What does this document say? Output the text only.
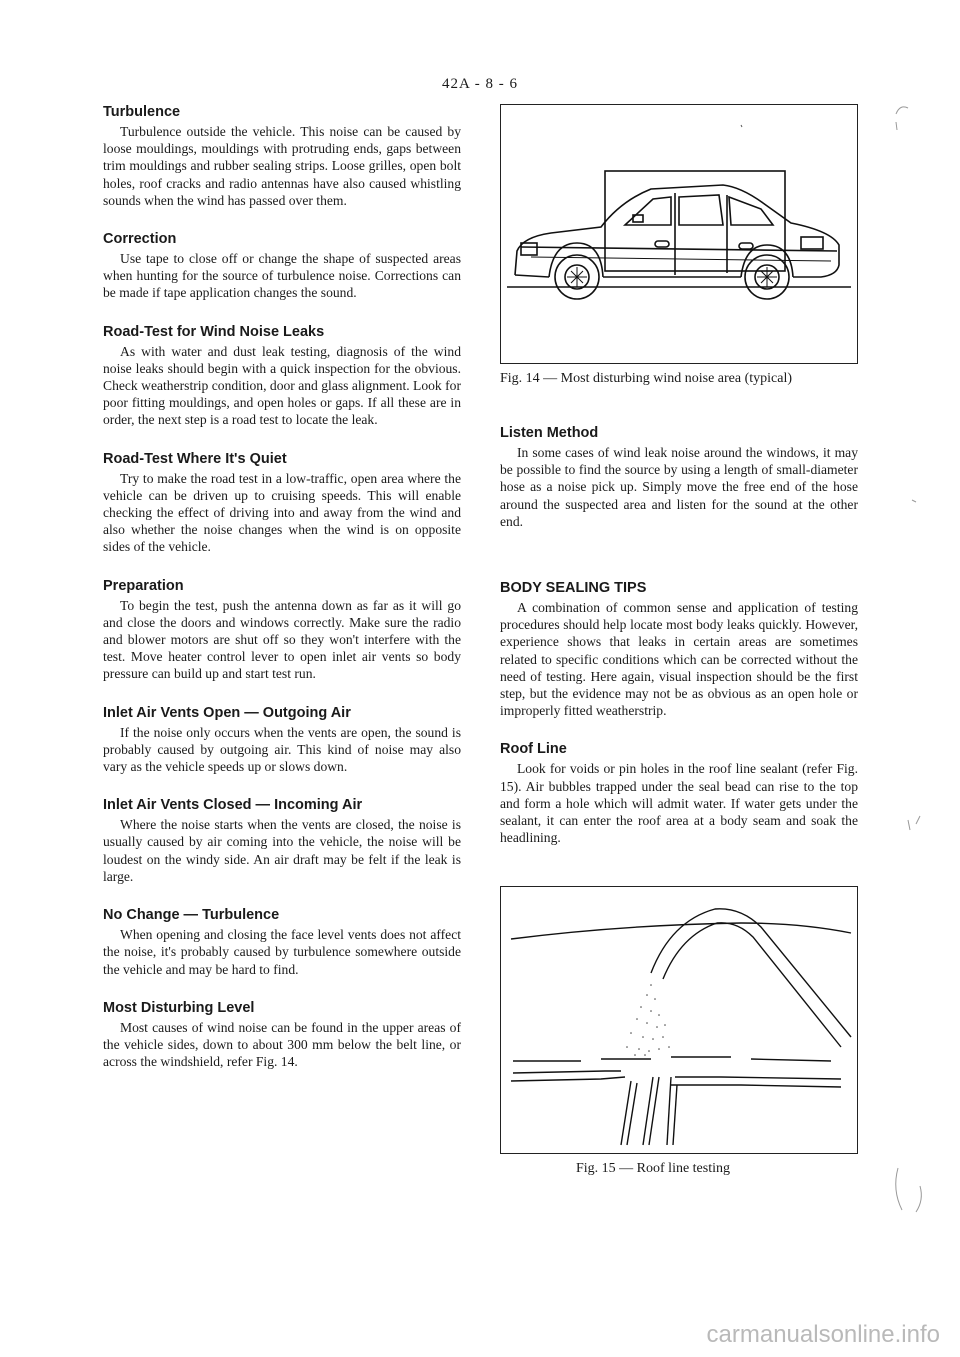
42A - 8 - 6
Turbulence

Turbulence outside the vehicle. This noise can be caused by loose mouldings, mouldings with protruding ends, gaps between trim mouldings and rubber sealing strips. Loose grilles, open bolt holes, roof cracks and radio antennas have also caused whistling sounds when the wind has passed over them.

Correction

Use tape to close off or change the shape of suspected areas when hunting for the source of turbulence noise. Corrections can be made if tape application changes the sound.

Road-Test for Wind Noise Leaks

As with water and dust leak testing, diagnosis of the wind noise leaks should begin with a quick inspection for the obvious. Check weatherstrip condition, door and glass alignment. Look for poor fitting mouldings, and open holes or gaps. If all these are in order, the next step is a road test to locate the leak.

Road-Test Where It's Quiet

Try to make the road test in a low-traffic, open area where the vehicle can be driven up to cruising speeds. This will enable checking the effect of driving into and away from the wind and also whether the noise changes when the wind is on opposite sides of the vehicle.

Preparation

To begin the test, push the antenna down as far as it will go and close the doors and windows correctly. Make sure the radio and blower motors are shut off so they won't interfere with the test. Move heater control lever to open inlet air vents so body pressure can build up and start test run.

Inlet Air Vents Open — Outgoing Air

If the noise only occurs when the vents are open, the sound is probably caused by outgoing air. This kind of noise may also vary as the vehicle speeds up or slows down.

Inlet Air Vents Closed — Incoming Air

Where the noise starts when the vents are closed, the noise is usually caused by air coming into the vehicle, the noise will be loudest on the windy side. An air draft may be felt if the leak is large.

No Change — Turbulence

When opening and closing the face level vents does not affect the noise, it's probably caused by turbulence somewhere outside the vehicle and may be hard to find.

Most Disturbing Level

Most causes of wind noise can be found in the upper areas of the vehicle sides, down to about 300 mm below the belt line, or across the windshield, refer Fig. 14.

Fig. 14 — Most disturbing wind noise area (typical)
Listen Method

In some cases of wind leak noise around the windows, it may be possible to find the source by using a length of small-diameter hose as a noise pick up. Simply move the free end of the hose around the suspected area and listen for the sound at the other end.

BODY SEALING TIPS

A combination of common sense and application of testing procedures should help locate most body leaks quickly. However, experience shows that leaks in certain areas are sometimes related to specific conditions which can be corrected without the need of testing. Here again, visual inspection should be the first step, but the evidence may not be as obvious as an open hole or improperly fitted weatherstrip.

Roof Line

Look for voids or pin holes in the roof line sealant (refer Fig. 15). Air bubbles trapped under the seal bead can rise to the top and form a hole which will admit water. If water gets under the sealant, it can enter the roof area at a body seam and soak the headlining.

Fig. 15 — Roof line testing
carmanualsonline.info
